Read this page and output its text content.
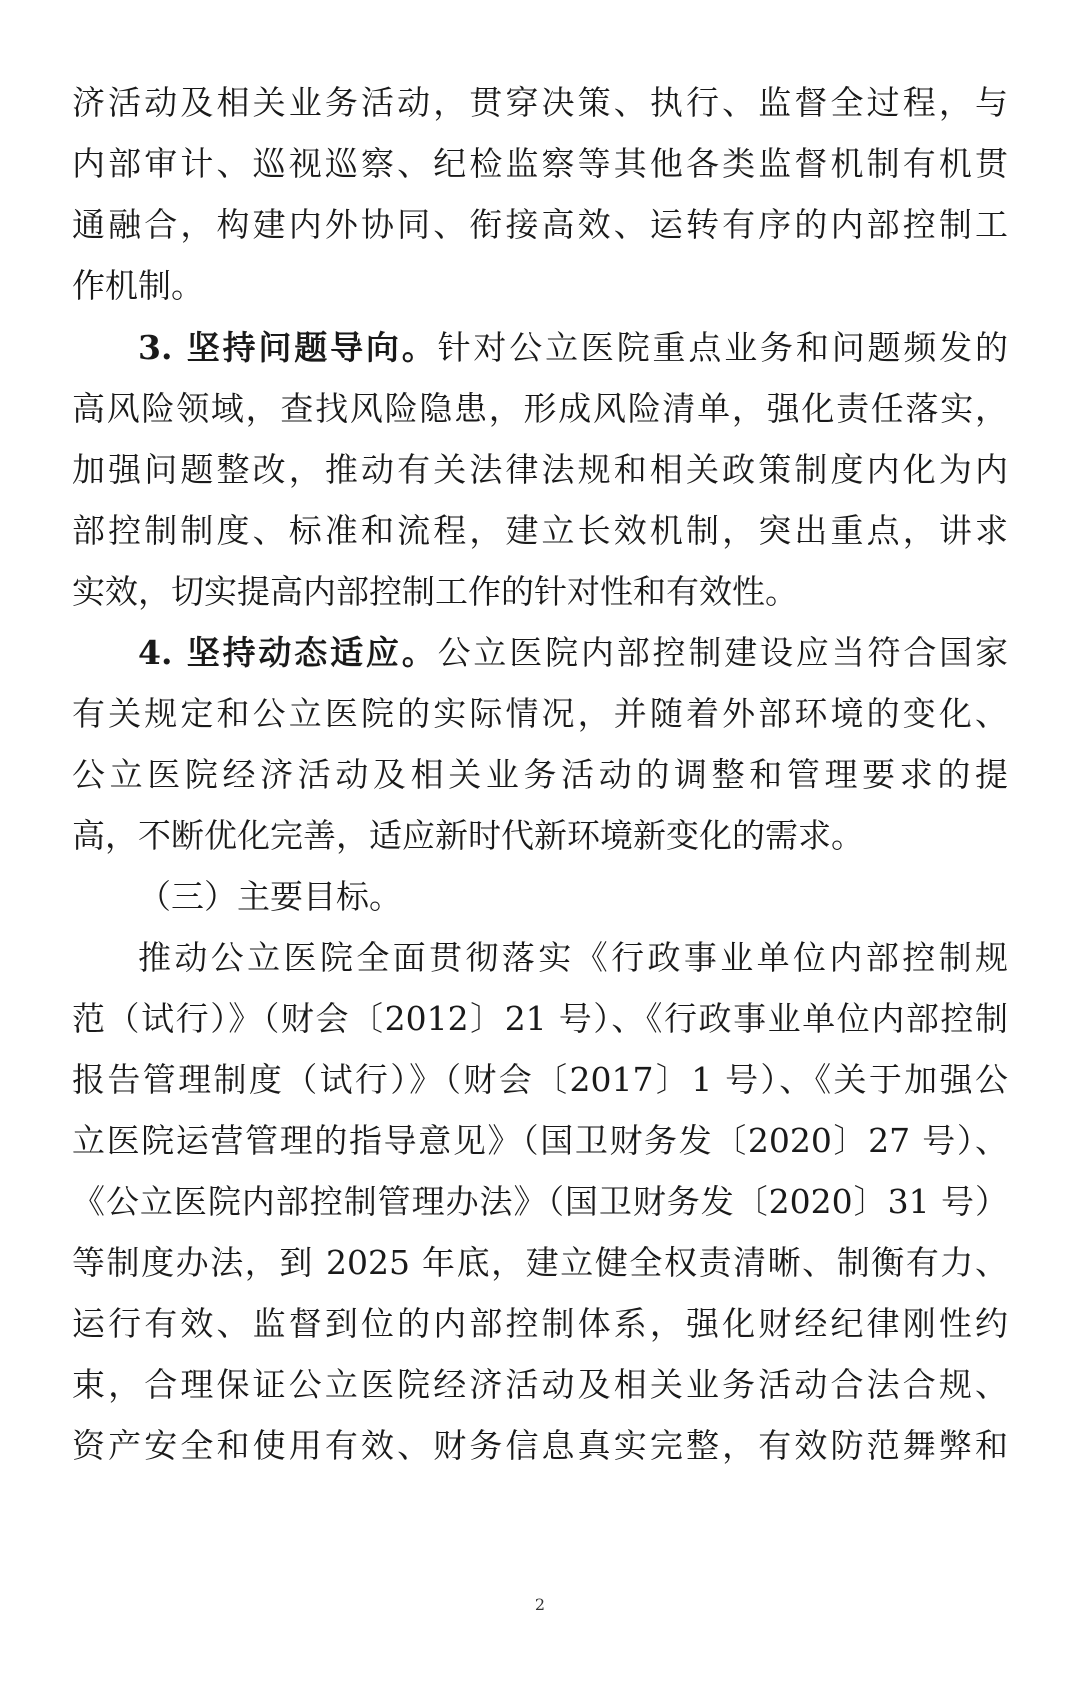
济活动及相关业务活动，贯穿决策、执行、监督全过程，与
内部审计、巡视巡察、纪检监察等其他各类监督机制有机贯
通融合，构建内外协同、衔接高效、运转有序的内部控制工
作机制。
3. 坚持问题导向。针对公立医院重点业务和问题频发的
高风险领域，查找风险隐患，形成风险清单，强化责任落实，
加强问题整改，推动有关法律法规和相关政策制度内化为内
部控制制度、标准和流程，建立长效机制，突出重点，讲求
实效，切实提高内部控制工作的针对性和有效性。
4. 坚持动态适应。公立医院内部控制建设应当符合国家
有关规定和公立医院的实际情况，并随着外部环境的变化、
公立医院经济活动及相关业务活动的调整和管理要求的提
高，不断优化完善，适应新时代新环境新变化的需求。
（三）主要目标。
推动公立医院全面贯彻落实《行政事业单位内部控制规
范（试行）》（财会〔2012〕21 号）、《行政事业单位内部控制
报告管理制度（试行）》（财会〔2017〕1 号）、《关于加强公
立医院运营管理的指导意见》（国卫财务发〔2020〕27 号）、
《公立医院内部控制管理办法》（国卫财务发〔2020〕31 号）
等制度办法，到 2025 年底，建立健全权责清晰、制衡有力、
运行有效、监督到位的内部控制体系，强化财经纪律刚性约
束，合理保证公立医院经济活动及相关业务活动合法合规、
资产安全和使用有效、财务信息真实完整，有效防范舞弊和
2
